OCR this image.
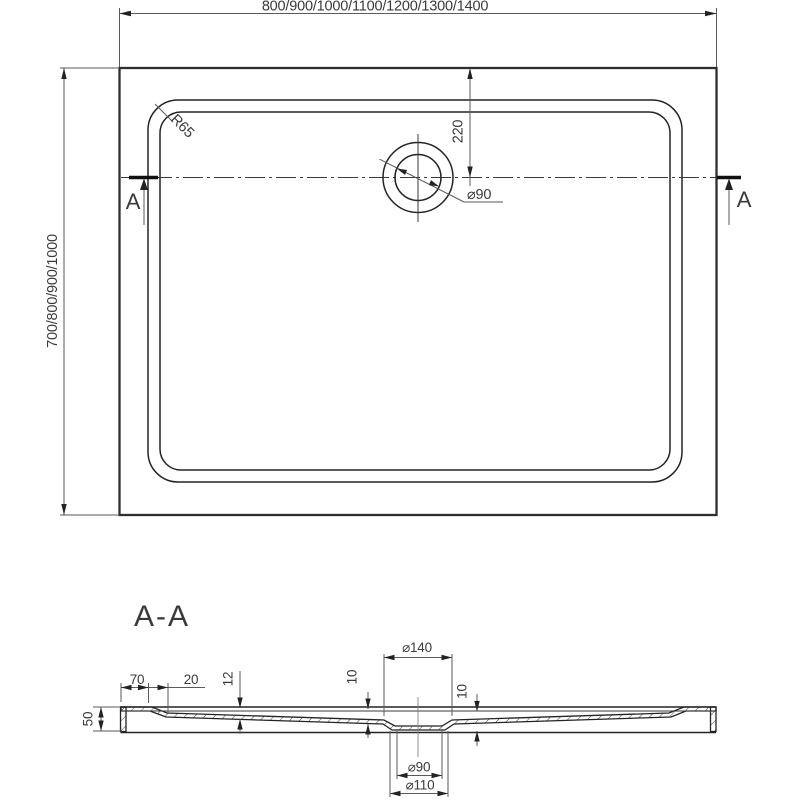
800/900/1000/1100/1200/1300/1400
700/800/900/1000
220
R65
⌀90
A	A
A-A
50
70	20 12
⌀140
10
10
⌀90
⌀110
